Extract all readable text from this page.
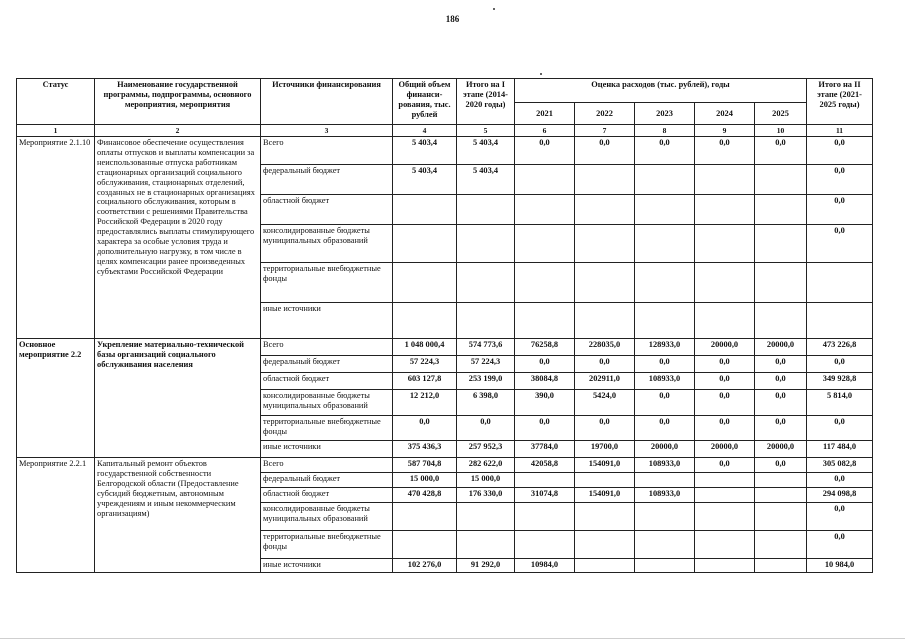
186
Статус	Наименование государственной программы, подпрограммы, основного мероприятия, мероприятия	Источники финансирования	Общий объем финанси-рования, тыс. рублей	Итого на I этапе (2014-2020 годы)	Оценка расходов (тыс. рублей), годы					Итого на II этапе (2021-2025 годы)
					2021	2022	2023	2024	2025	
1	2	3	4	5	6	7	8	9	10	11
Мероприятие 2.1.10	Финансовое обеспечение осуществления оплаты отпусков и выплаты компенсации за неиспользованные отпуска работникам стационарных организаций социального обслуживания, стационарных отделений, созданных не в стационарных организациях социального обслуживания, которым в соответствии с решениями Правительства Российской Федерации в 2020 году предоставлялись выплаты стимулирующего характера за особые условия труда и дополнительную нагрузку, в том числе в целях компенсации ранее произведенных субъектами Российской Федерации	Всего	5 403,4	5 403,4	0,0	0,0	0,0	0,0	0,0	0,0
		федеральный бюджет	5 403,4	5 403,4						0,0
		областной бюджет								0,0
		консолидированные бюджеты муниципальных образований								0,0
		территориальные внебюджетные фонды								
		иные источники								
Основное мероприятие 2.2	Укрепление материально-технической базы организаций социального обслуживания населения	Всего	1 048 000,4	574 773,6	76258,8	228035,0	128933,0	20000,0	20000,0	473 226,8
		федеральный бюджет	57 224,3	57 224,3	0,0	0,0	0,0	0,0	0,0	0,0
		областной бюджет	603 127,8	253 199,0	38084,8	202911,0	108933,0	0,0	0,0	349 928,8
		консолидированные бюджеты муниципальных образований	12 212,0	6 398,0	390,0	5424,0	0,0	0,0	0,0	5 814,0
		территориальные внебюджетные фонды	0,0	0,0	0,0	0,0	0,0	0,0	0,0	0,0
		иные источники	375 436,3	257 952,3	37784,0	19700,0	20000,0	20000,0	20000,0	117 484,0
Мероприятие 2.2.1	Капитальный ремонт объектов государственной собственности Белгородской области (Предоставление субсидий бюджетным, автономным учреждениям и иным некоммерческим организациям)	Всего	587 704,8	282 622,0	42058,8	154091,0	108933,0	0,0	0,0	305 082,8
		федеральный бюджет	15 000,0	15 000,0						0,0
		областной бюджет	470 428,8	176 330,0	31074,8	154091,0	108933,0			294 098,8
		консолидированные бюджеты муниципальных образований								0,0
		территориальные внебюджетные фонды								0,0
		иные источники	102 276,0	91 292,0	10984,0					10 984,0
